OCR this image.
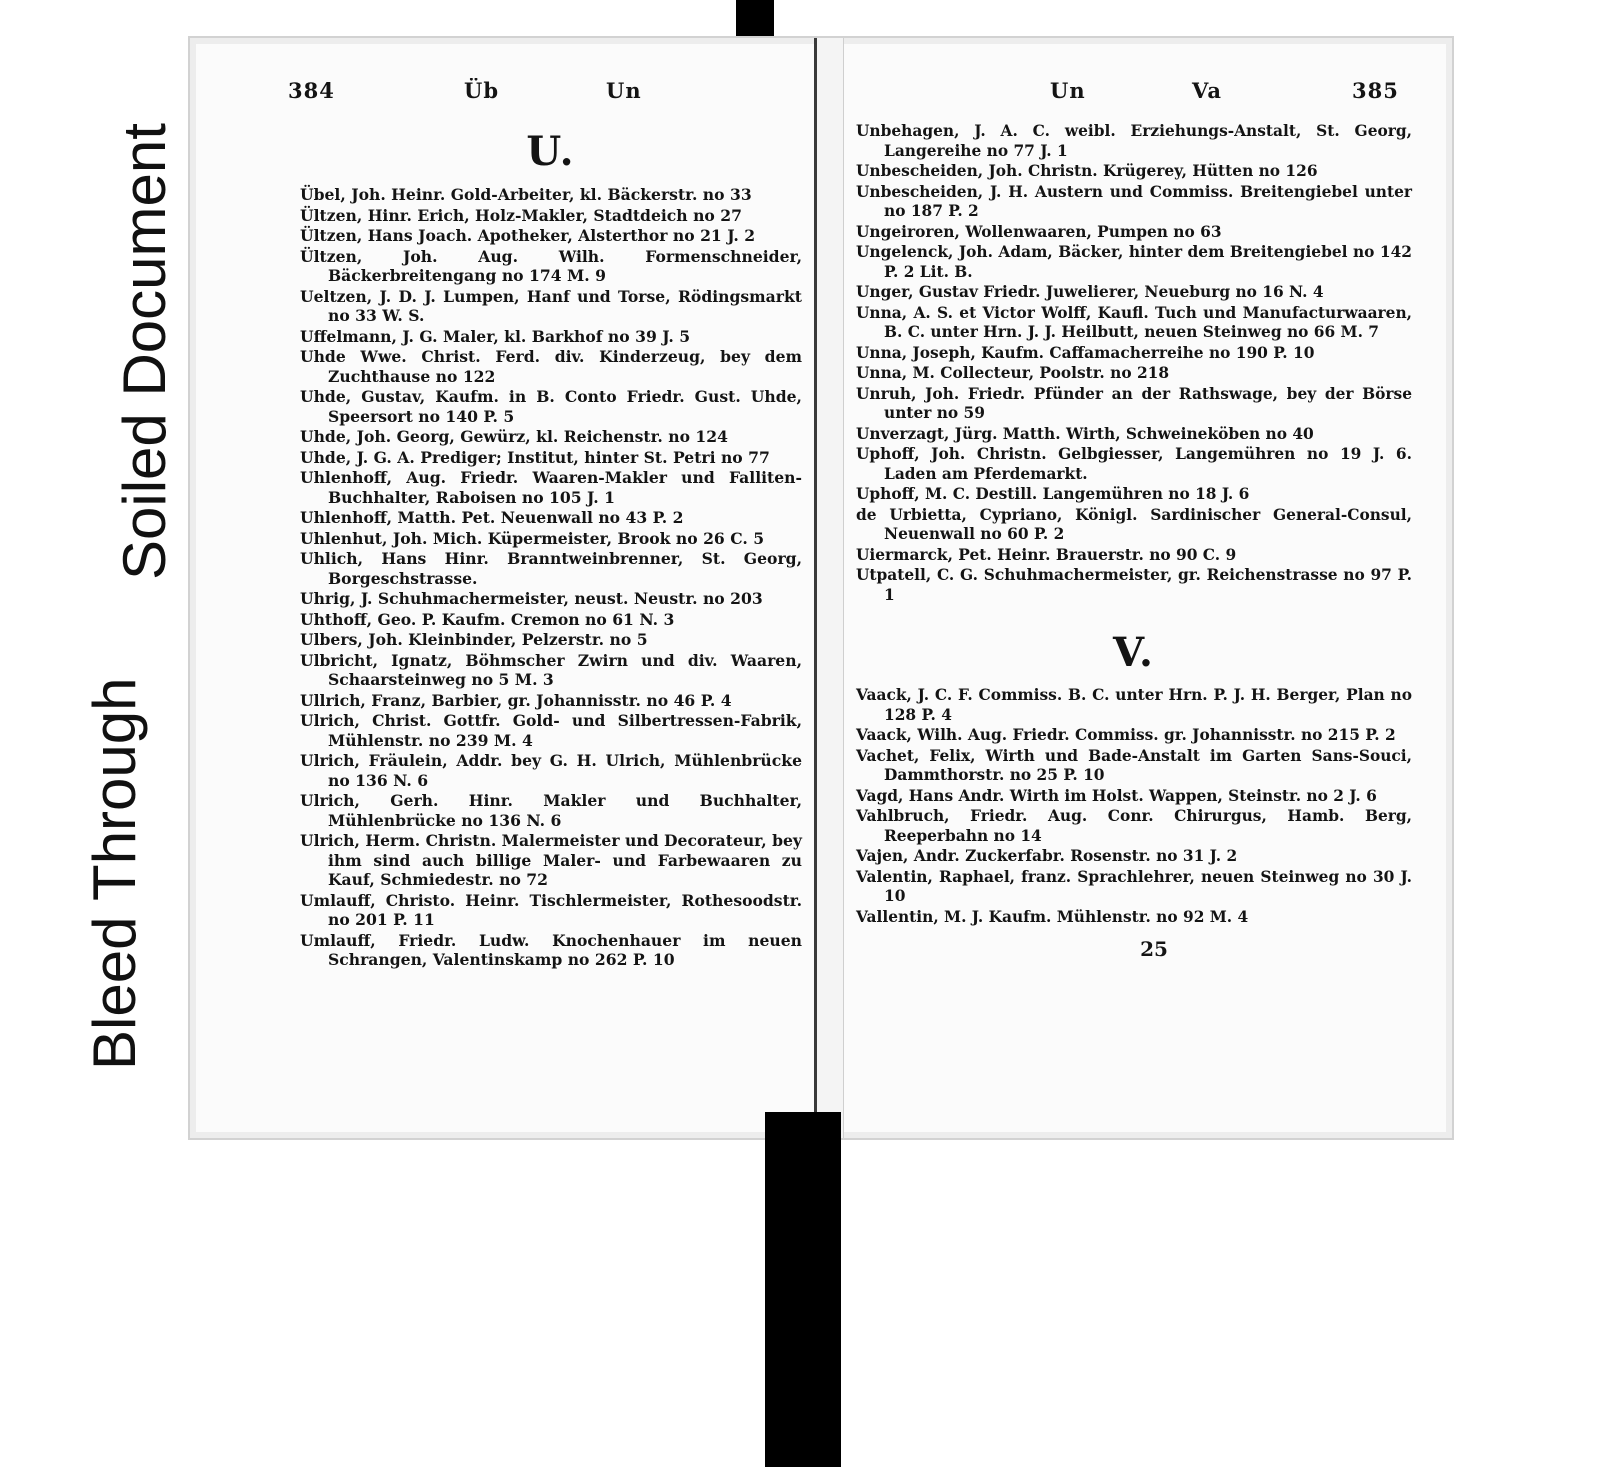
Bleed Through
Soiled Document
384	Üb	Un
U.
Übel, Joh. Heinr. Gold-Arbeiter, kl. Bäckerstr. no 33
Ültzen, Hinr. Erich, Holz-Makler, Stadtdeich no 27
Ültzen, Hans Joach. Apotheker, Alsterthor no 21 J. 2
Ültzen, Joh. Aug. Wilh. Formenschneider, Bäckerbreitengang no 174 M. 9
Ueltzen, J. D. J. Lumpen, Hanf und Torse, Rödingsmarkt no 33 W. S.
Uffelmann, J. G. Maler, kl. Barkhof no 39 J. 5
Uhde Wwe. Christ. Ferd. div. Kinderzeug, bey dem Zuchthause no 122
Uhde, Gustav, Kaufm. in B. Conto Friedr. Gust. Uhde, Speersort no 140 P. 5
Uhde, Joh. Georg, Gewürz, kl. Reichenstr. no 124
Uhde, J. G. A. Prediger; Institut, hinter St. Petri no 77
Uhlenhoff, Aug. Friedr. Waaren-Makler und Falliten-Buchhalter, Raboisen no 105 J. 1
Uhlenhoff, Matth. Pet. Neuenwall no 43 P. 2
Uhlenhut, Joh. Mich. Küpermeister, Brook no 26 C. 5
Uhlich, Hans Hinr. Branntweinbrenner, St. Georg, Borgeschstrasse.
Uhrig, J. Schuhmachermeister, neust. Neustr. no 203
Uhthoff, Geo. P. Kaufm. Cremon no 61 N. 3
Ulbers, Joh. Kleinbinder, Pelzerstr. no 5
Ulbricht, Ignatz, Böhmscher Zwirn und div. Waaren, Schaarsteinweg no 5 M. 3
Ullrich, Franz, Barbier, gr. Johannisstr. no 46 P. 4
Ulrich, Christ. Gottfr. Gold- und Silbertressen-Fabrik, Mühlenstr. no 239 M. 4
Ulrich, Fräulein, Addr. bey G. H. Ulrich, Mühlenbrücke no 136 N. 6
Ulrich, Gerh. Hinr. Makler und Buchhalter, Mühlenbrücke no 136 N. 6
Ulrich, Herm. Christn. Malermeister und Decorateur, bey ihm sind auch billige Maler- und Farbewaaren zu Kauf, Schmiedestr. no 72
Umlauff, Christo. Heinr. Tischlermeister, Rothesoodstr. no 201 P. 11
Umlauff, Friedr. Ludw. Knochenhauer im neuen Schrangen, Valentinskamp no 262 P. 10
Un	Va	385
Unbehagen, J. A. C. weibl. Erziehungs-Anstalt, St. Georg, Langereihe no 77 J. 1
Unbescheiden, Joh. Christn. Krügerey, Hütten no 126
Unbescheiden, J. H. Austern und Commiss. Breitengiebel unter no 187 P. 2
Ungeiroren, Wollenwaaren, Pumpen no 63
Ungelenck, Joh. Adam, Bäcker, hinter dem Breitengiebel no 142 P. 2 Lit. B.
Unger, Gustav Friedr. Juwelierer, Neueburg no 16 N. 4
Unna, A. S. et Victor Wolff, Kaufl. Tuch und Manufacturwaaren, B. C. unter Hrn. J. J. Heilbutt, neuen Steinweg no 66 M. 7
Unna, Joseph, Kaufm. Caffamacherreihe no 190 P. 10
Unna, M. Collecteur, Poolstr. no 218
Unruh, Joh. Friedr. Pfünder an der Rathswage, bey der Börse unter no 59
Unverzagt, Jürg. Matth. Wirth, Schweineköben no 40
Uphoff, Joh. Christn. Gelbgiesser, Langemühren no 19 J. 6. Laden am Pferdemarkt.
Uphoff, M. C. Destill. Langemühren no 18 J. 6
de Urbietta, Cypriano, Königl. Sardinischer General-Consul, Neuenwall no 60 P. 2
Uiermarck, Pet. Heinr. Brauerstr. no 90 C. 9
Utpatell, C. G. Schuhmachermeister, gr. Reichenstrasse no 97 P. 1
V.
Vaack, J. C. F. Commiss. B. C. unter Hrn. P. J. H. Berger, Plan no 128 P. 4
Vaack, Wilh. Aug. Friedr. Commiss. gr. Johannisstr. no 215 P. 2
Vachet, Felix, Wirth und Bade-Anstalt im Garten Sans-Souci, Dammthorstr. no 25 P. 10
Vagd, Hans Andr. Wirth im Holst. Wappen, Steinstr. no 2 J. 6
Vahlbruch, Friedr. Aug. Conr. Chirurgus, Hamb. Berg, Reeperbahn no 14
Vajen, Andr. Zuckerfabr. Rosenstr. no 31 J. 2
Valentin, Raphael, franz. Sprachlehrer, neuen Steinweg no 30 J. 10
Vallentin, M. J. Kaufm. Mühlenstr. no 92 M. 4
25
